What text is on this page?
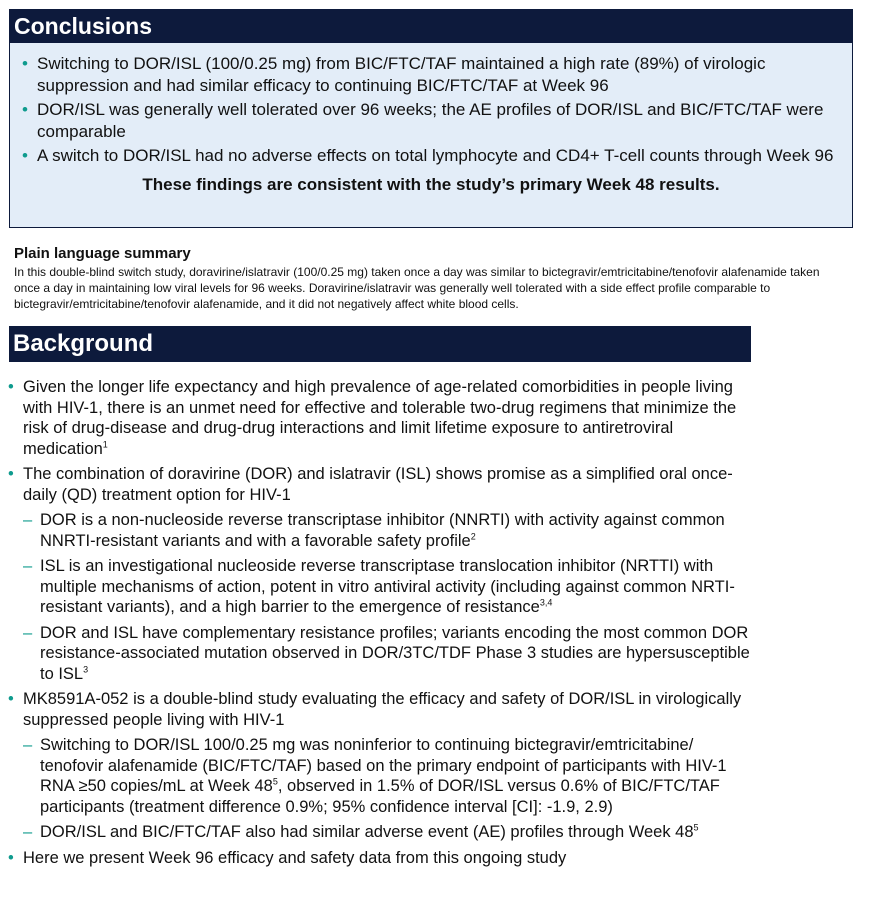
Conclusions
• Switching to DOR/ISL (100/0.25 mg) from BIC/FTC/TAF maintained a high rate (89%) of virologic suppression and had similar efficacy to continuing BIC/FTC/TAF at Week 96
• DOR/ISL was generally well tolerated over 96 weeks; the AE profiles of DOR/ISL and BIC/FTC/TAF were comparable
• A switch to DOR/ISL had no adverse effects on total lymphocyte and CD4+ T-cell counts through Week 96
These findings are consistent with the study’s primary Week 48 results.
Plain language summary
In this double-blind switch study, doravirine/islatravir (100/0.25 mg) taken once a day was similar to bictegravir/emtricitabine/tenofovir alafenamide taken once a day in maintaining low viral levels for 96 weeks. Doravirine/islatravir was generally well tolerated with a side effect profile comparable to bictegravir/emtricitabine/tenofovir alafenamide, and it did not negatively affect white blood cells.
Background
• Given the longer life expectancy and high prevalence of age-related comorbidities in people living with HIV-1, there is an unmet need for effective and tolerable two-drug regimens that minimize the risk of drug-disease and drug-drug interactions and limit lifetime exposure to antiretroviral medication$^1$
• The combination of doravirine (DOR) and islatravir (ISL) shows promise as a simplified oral once-daily (QD) treatment option for HIV-1
– DOR is a non-nucleoside reverse transcriptase inhibitor (NNRTI) with activity against common NNRTI-resistant variants and with a favorable safety profile$^2$
– ISL is an investigational nucleoside reverse transcriptase translocation inhibitor (NRTTI) with multiple mechanisms of action, potent in vitro antiviral activity (including against common NRTI-resistant variants), and a high barrier to the emergence of resistance$^{3,4}$
– DOR and ISL have complementary resistance profiles; variants encoding the most common DOR resistance-associated mutation observed in DOR/3TC/TDF Phase 3 studies are hypersusceptible to ISL$^3$
• MK8591A-052 is a double-blind study evaluating the efficacy and safety of DOR/ISL in virologically suppressed people living with HIV-1
– Switching to DOR/ISL 100/0.25 mg was noninferior to continuing bictegravir/emtricitabine/ tenofovir alafenamide (BIC/FTC/TAF) based on the primary endpoint of participants with HIV-1 RNA ≥50 copies/mL at Week $48^5$, observed in 1.5% of DOR/ISL versus 0.6% of BIC/FTC/TAF participants (treatment difference 0.9%; 95% confidence interval [CI]: -1.9, 2.9)
– DOR/ISL and BIC/FTC/TAF also had similar adverse event (AE) profiles through Week $48^5$
• Here we present Week 96 efficacy and safety data from this ongoing study
